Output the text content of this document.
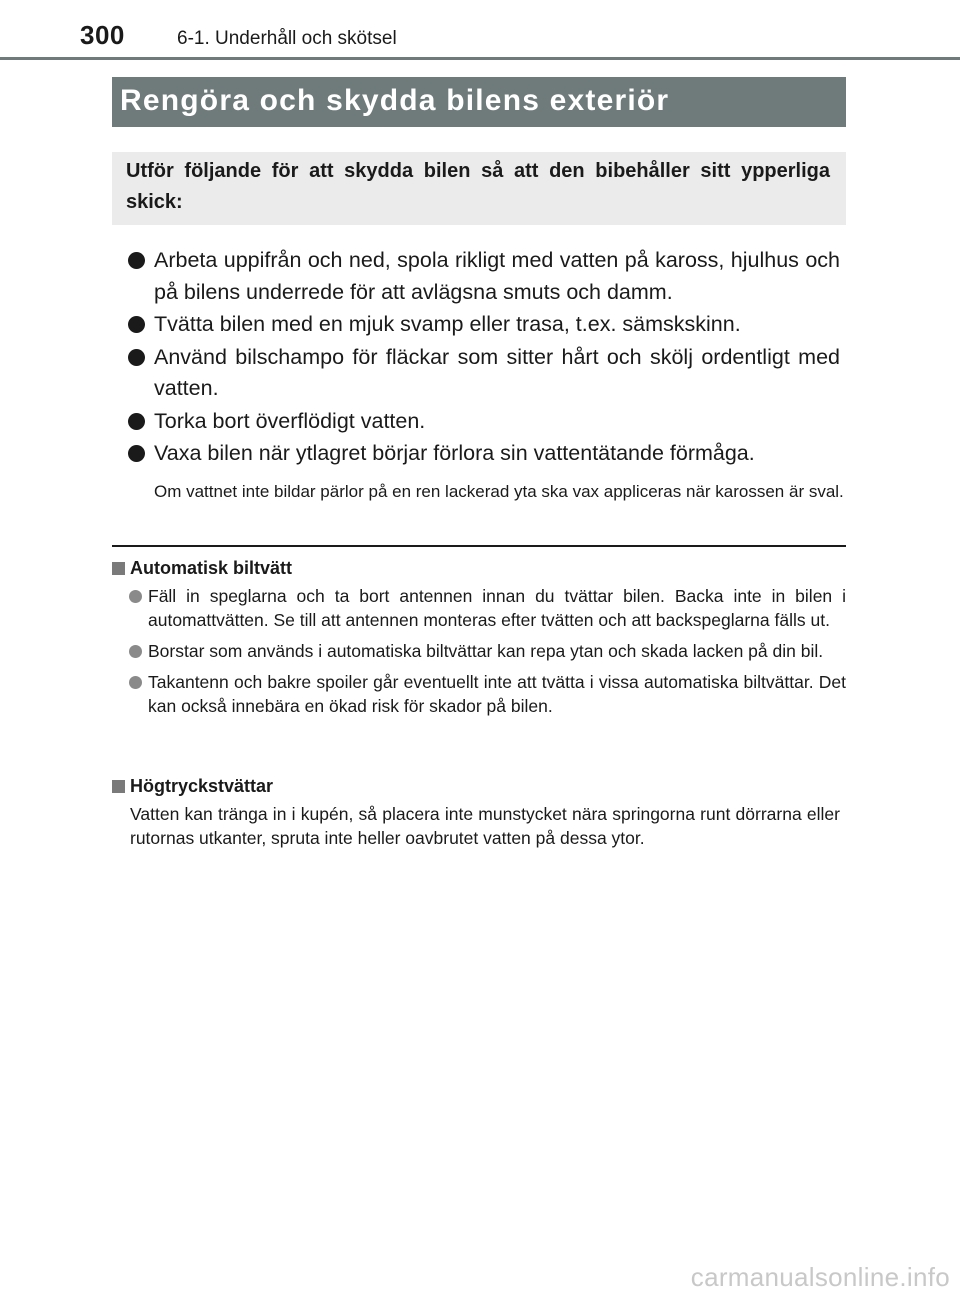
300	6-1. Underhåll och skötsel
Rengöra och skydda bilens exteriör
Utför följande för att skydda bilen så att den bibehåller sitt ypperliga skick:
Arbeta uppifrån och ned, spola rikligt med vatten på kaross, hjulhus och på bilens underrede för att avlägsna smuts och damm.
Tvätta bilen med en mjuk svamp eller trasa, t.ex. sämskskinn.
Använd bilschampo för fläckar som sitter hårt och skölj ordentligt med vatten.
Torka bort överflödigt vatten.
Vaxa bilen när ytlagret börjar förlora sin vattentätande förmåga.
Om vattnet inte bildar pärlor på en ren lackerad yta ska vax appliceras när karossen är sval.
Automatisk biltvätt
Fäll in speglarna och ta bort antennen innan du tvättar bilen. Backa inte in bilen i automattvätten. Se till att antennen monteras efter tvätten och att backspeglarna fälls ut.
Borstar som används i automatiska biltvättar kan repa ytan och skada lacken på din bil.
Takantenn och bakre spoiler går eventuellt inte att tvätta i vissa automatiska biltvättar. Det kan också innebära en ökad risk för skador på bilen.
Högtryckstvättar
Vatten kan tränga in i kupén, så placera inte munstycket nära springorna runt dörrarna eller rutornas utkanter, spruta inte heller oavbrutet vatten på dessa ytor.
carmanualsonline.info
